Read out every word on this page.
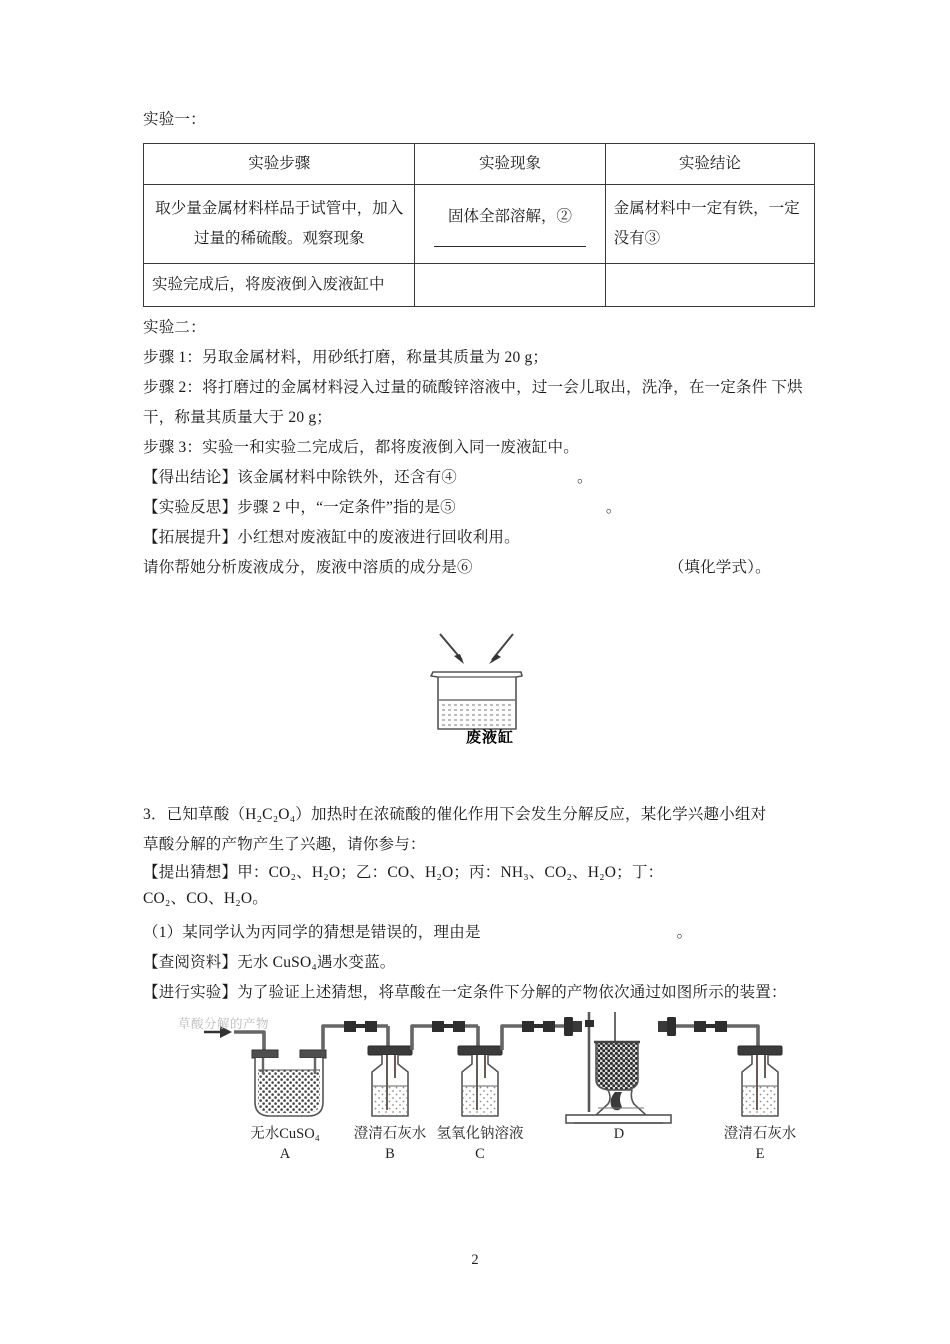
实验一：

实验步骤	实验现象	实验结论
取少量金属材料样品于试管中，加入过量的稀硫酸。观察现象	固体全部溶解，②	金属材料中一定有铁，一定没有③
实验完成后，将废液倒入废液缸中		

实验二：

步骤 1：另取金属材料，用砂纸打磨，称量其质量为 20 g；

步骤 2：将打磨过的金属材料浸入过量的硫酸锌溶液中，过一会儿取出，洗净，在一定条件 下烘干，称量其质量大于 20 g；

步骤 3：实验一和实验二完成后，都将废液倒入同一废液缸中。

【得出结论】该金属材料中除铁外，还含有④	。

【实验反思】步骤 2 中，“一定条件”指的是⑤	。

【拓展提升】小红想对废液缸中的废液进行回收利用。

请你帮她分析废液成分，废液中溶质的成分是⑥	（填化学式）。

废液缸

3．已知草酸（H₂C₂O₄）加热时在浓硫酸的催化作用下会发生分解反应，某化学兴趣小组对

草酸分解的产物产生了兴趣，请你参与：

【提出猜想】甲：CO₂、H₂O；乙：CO、H₂O；丙：NH₃、CO₂、H₂O；丁：

CO₂、CO、H₂O。

（1）某同学认为丙同学的猜想是错误的，理由是	。

【查阅资料】无水 CuSO₄遇水变蓝。

【进行实验】为了验证上述猜想，将草酸在一定条件下分解的产物依次通过如图所示的装置：

草酸分解的产物
无水CuSO₄
A
澄清石灰水
B
氢氧化钠溶液
C
D	澄清石灰水
E
2
